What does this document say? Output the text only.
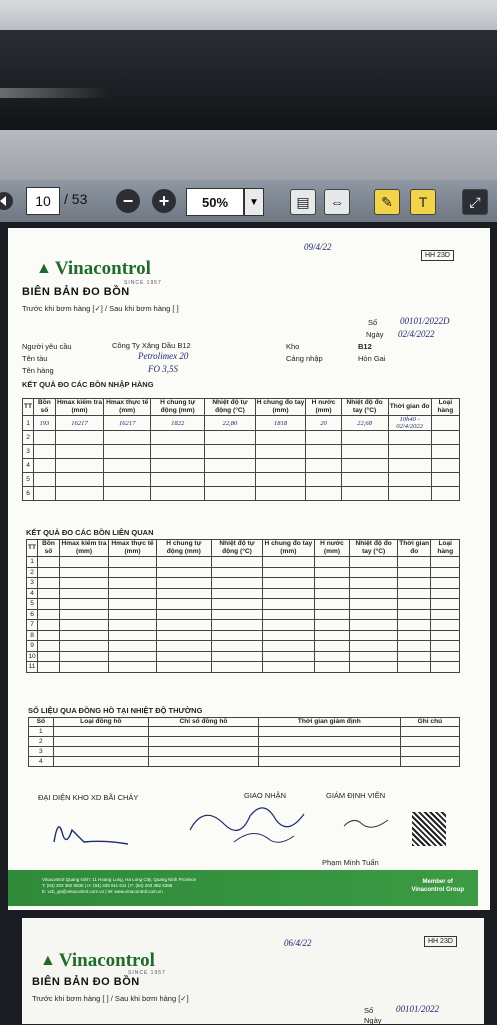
10 / 53	−	+	50% ▼	▤	⇔	✎	T	⤢
HH 23D
09/4/22
▲ Vinacontrol
SINCE 1957
BIÊN BẢN ĐO BỒN
Trước khi bơm hàng [✓] / Sau khi bơm hàng [ ]
Số	00101/2022D
Ngày 02/4/2022
Người yêu cầu	Công Ty Xăng Dầu B12	Kho	B12
Tên tàu	Petrolimex 20	Cảng nhập	Hòn Gai
Tên hàng	FO 3,5S
KẾT QUẢ ĐO CÁC BỒN NHẬP HÀNG
TT	Bồn số	Hmax kiểm tra (mm)	Hmax thực tế (mm)	H chung tự động (mm)	Nhiệt độ tự động (°C)	H chung đo tay (mm)	H nước (mm)	Nhiệt độ đo tay (°C)	Thời gian đo	Loại hàng
1	193	16217	16217	1822	22,80	1818	20	22,68	10h40 - 02/4/2022	
2										
3										
4										
5										
6										
KẾT QUẢ ĐO CÁC BỒN LIÊN QUAN
TT	Bồn số	Hmax kiểm tra (mm)	Hmax thực tế (mm)	H chung tự động (mm)	Nhiệt độ tự động (°C)	H chung đo tay (mm)	H nước (mm)	Nhiệt độ đo tay (°C)	Thời gian đo	Loại hàng
1										
2										
3										
4										
5										
6										
7										
8										
9										
10										
11										
SỐ LIỆU QUA ĐỒNG HỒ TẠI NHIỆT ĐỘ THƯỜNG
Số	Loại đồng hồ	Chỉ số đồng hồ	Thời gian giám định	Ghi chú
1				
2				
3				
4				
ĐẠI DIỆN KHO XD BÃI CHÁY	GIAO NHẬN	GIÁM ĐỊNH VIÊN
Phạm Minh Tuấn
Vinacontrol Quang Ninh: 11 Hoang Long, Ha Long City, Quang Ninh Province
T: (84) 203 382 6535 | H: (84) 336 911 611 | F: (84) 203 382 6366
E: vcb_qn@vinacontrol.com.vn | W: www.vinacontrol.com.vn
Member of
Vinacontrol Group
HH 23D
06/4/22
▲ Vinacontrol
SINCE 1957
BIÊN BẢN ĐO BỒN
Trước khi bơm hàng [ ] / Sau khi bơm hàng [✓]
Số	00101/2022
Ngày
